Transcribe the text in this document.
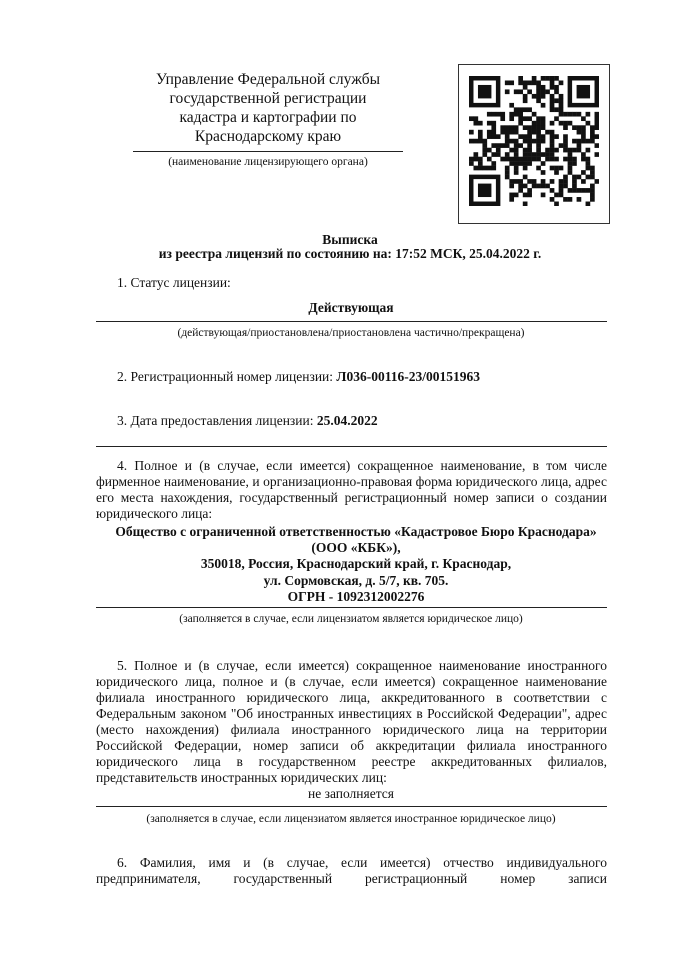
Управление Федеральной службы
государственной регистрации
кадастра и картографии по
Краснодарскому краю
(наименование лицензирующего органа)
Выписка
из реестра лицензий по состоянию на: 17:52 МСК, 25.04.2022 г.
1. Статус лицензии:
Действующая
(действующая/приостановлена/приостановлена частично/прекращена)
2. Регистрационный номер лицензии: Л036-00116-23/00151963
3. Дата предоставления лицензии: 25.04.2022
4. Полное и (в случае, если имеется) сокращенное наименование, в том числе фирменное наименование, и организационно-правовая форма юридического лица, адрес его места нахождения, государственный регистрационный номер записи о создании юридического лица:
Общество с ограниченной ответственностью «Кадастровое Бюро Краснодара»
(ООО «КБК»),
350018, Россия, Краснодарский край, г. Краснодар,
ул. Сормовская, д. 5/7, кв. 705.
ОГРН - 1092312002276
(заполняется в случае, если лицензиатом является юридическое лицо)
5. Полное и (в случае, если имеется) сокращенное наименование иностранного юридического лица, полное и (в случае, если имеется) сокращенное наименование филиала иностранного юридического лица, аккредитованного в соответствии с Федеральным законом "Об иностранных инвестициях в Российской Федерации", адрес (место нахождения) филиала иностранного юридического лица на территории Российской Федерации, номер записи об аккредитации филиала иностранного юридического лица в государственном реестре аккредитованных филиалов, представительств иностранных юридических лиц:
не заполняется
(заполняется в случае, если лицензиатом является иностранное юридическое лицо)
6. Фамилия, имя и (в случае, если имеется) отчество индивидуального предпринимателя, государственный регистрационный номер записи
